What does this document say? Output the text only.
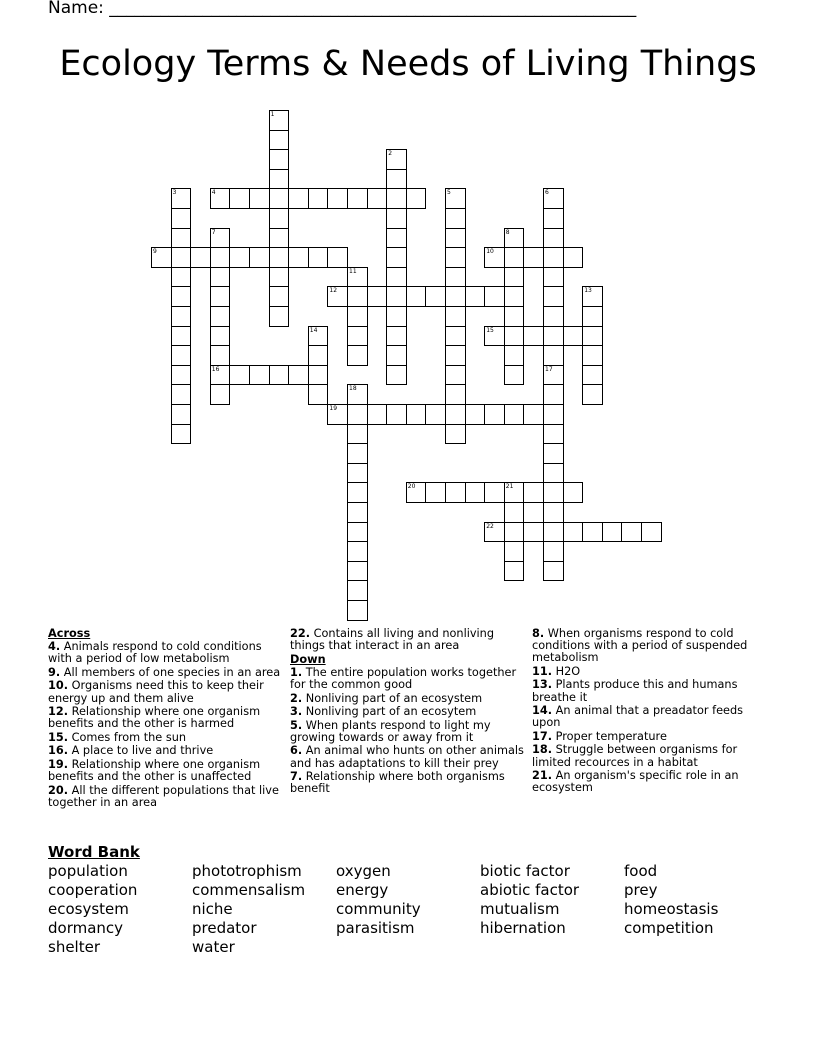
Name: ______________________________________________________________
Ecology Terms & Needs of Living Things
1
2
3	4	5	6
7	8
9	10
11
12	13
14	15
16	17
18
19
20	21
22
Across
4. Animals respond to cold conditions with a period of low metabolism
9. All members of one species in an area
10. Organisms need this to keep their energy up and them alive
12. Relationship where one organism benefits and the other is harmed
15. Comes from the sun
16. A place to live and thrive
19. Relationship where one organism benefits and the other is unaffected
20. All the different populations that live together in an area
22. Contains all living and nonliving things that interact in an area
Down
1. The entire population works together for the common good
2. Nonliving part of an ecosystem
3. Nonliving part of an ecosytem
5. When plants respond to light my growing towards or away from it
6. An animal who hunts on other animals and has adaptations to kill their prey
7. Relationship where both organisms benefit
8. When organisms respond to cold conditions with a period of suspended metabolism
11. H2O
13. Plants produce this and humans breathe it
14. An animal that a preadator feeds upon
17. Proper temperature
18. Struggle between organisms for limited recources in a habitat
21. An organism's specific role in an ecosystem
Word Bank
population
cooperation
ecosystem
dormancy
shelter
phototrophism
commensalism
niche
predator
water
oxygen
energy
community
parasitism
biotic factor
abiotic factor
mutualism
hibernation
food
prey
homeostasis
competition
